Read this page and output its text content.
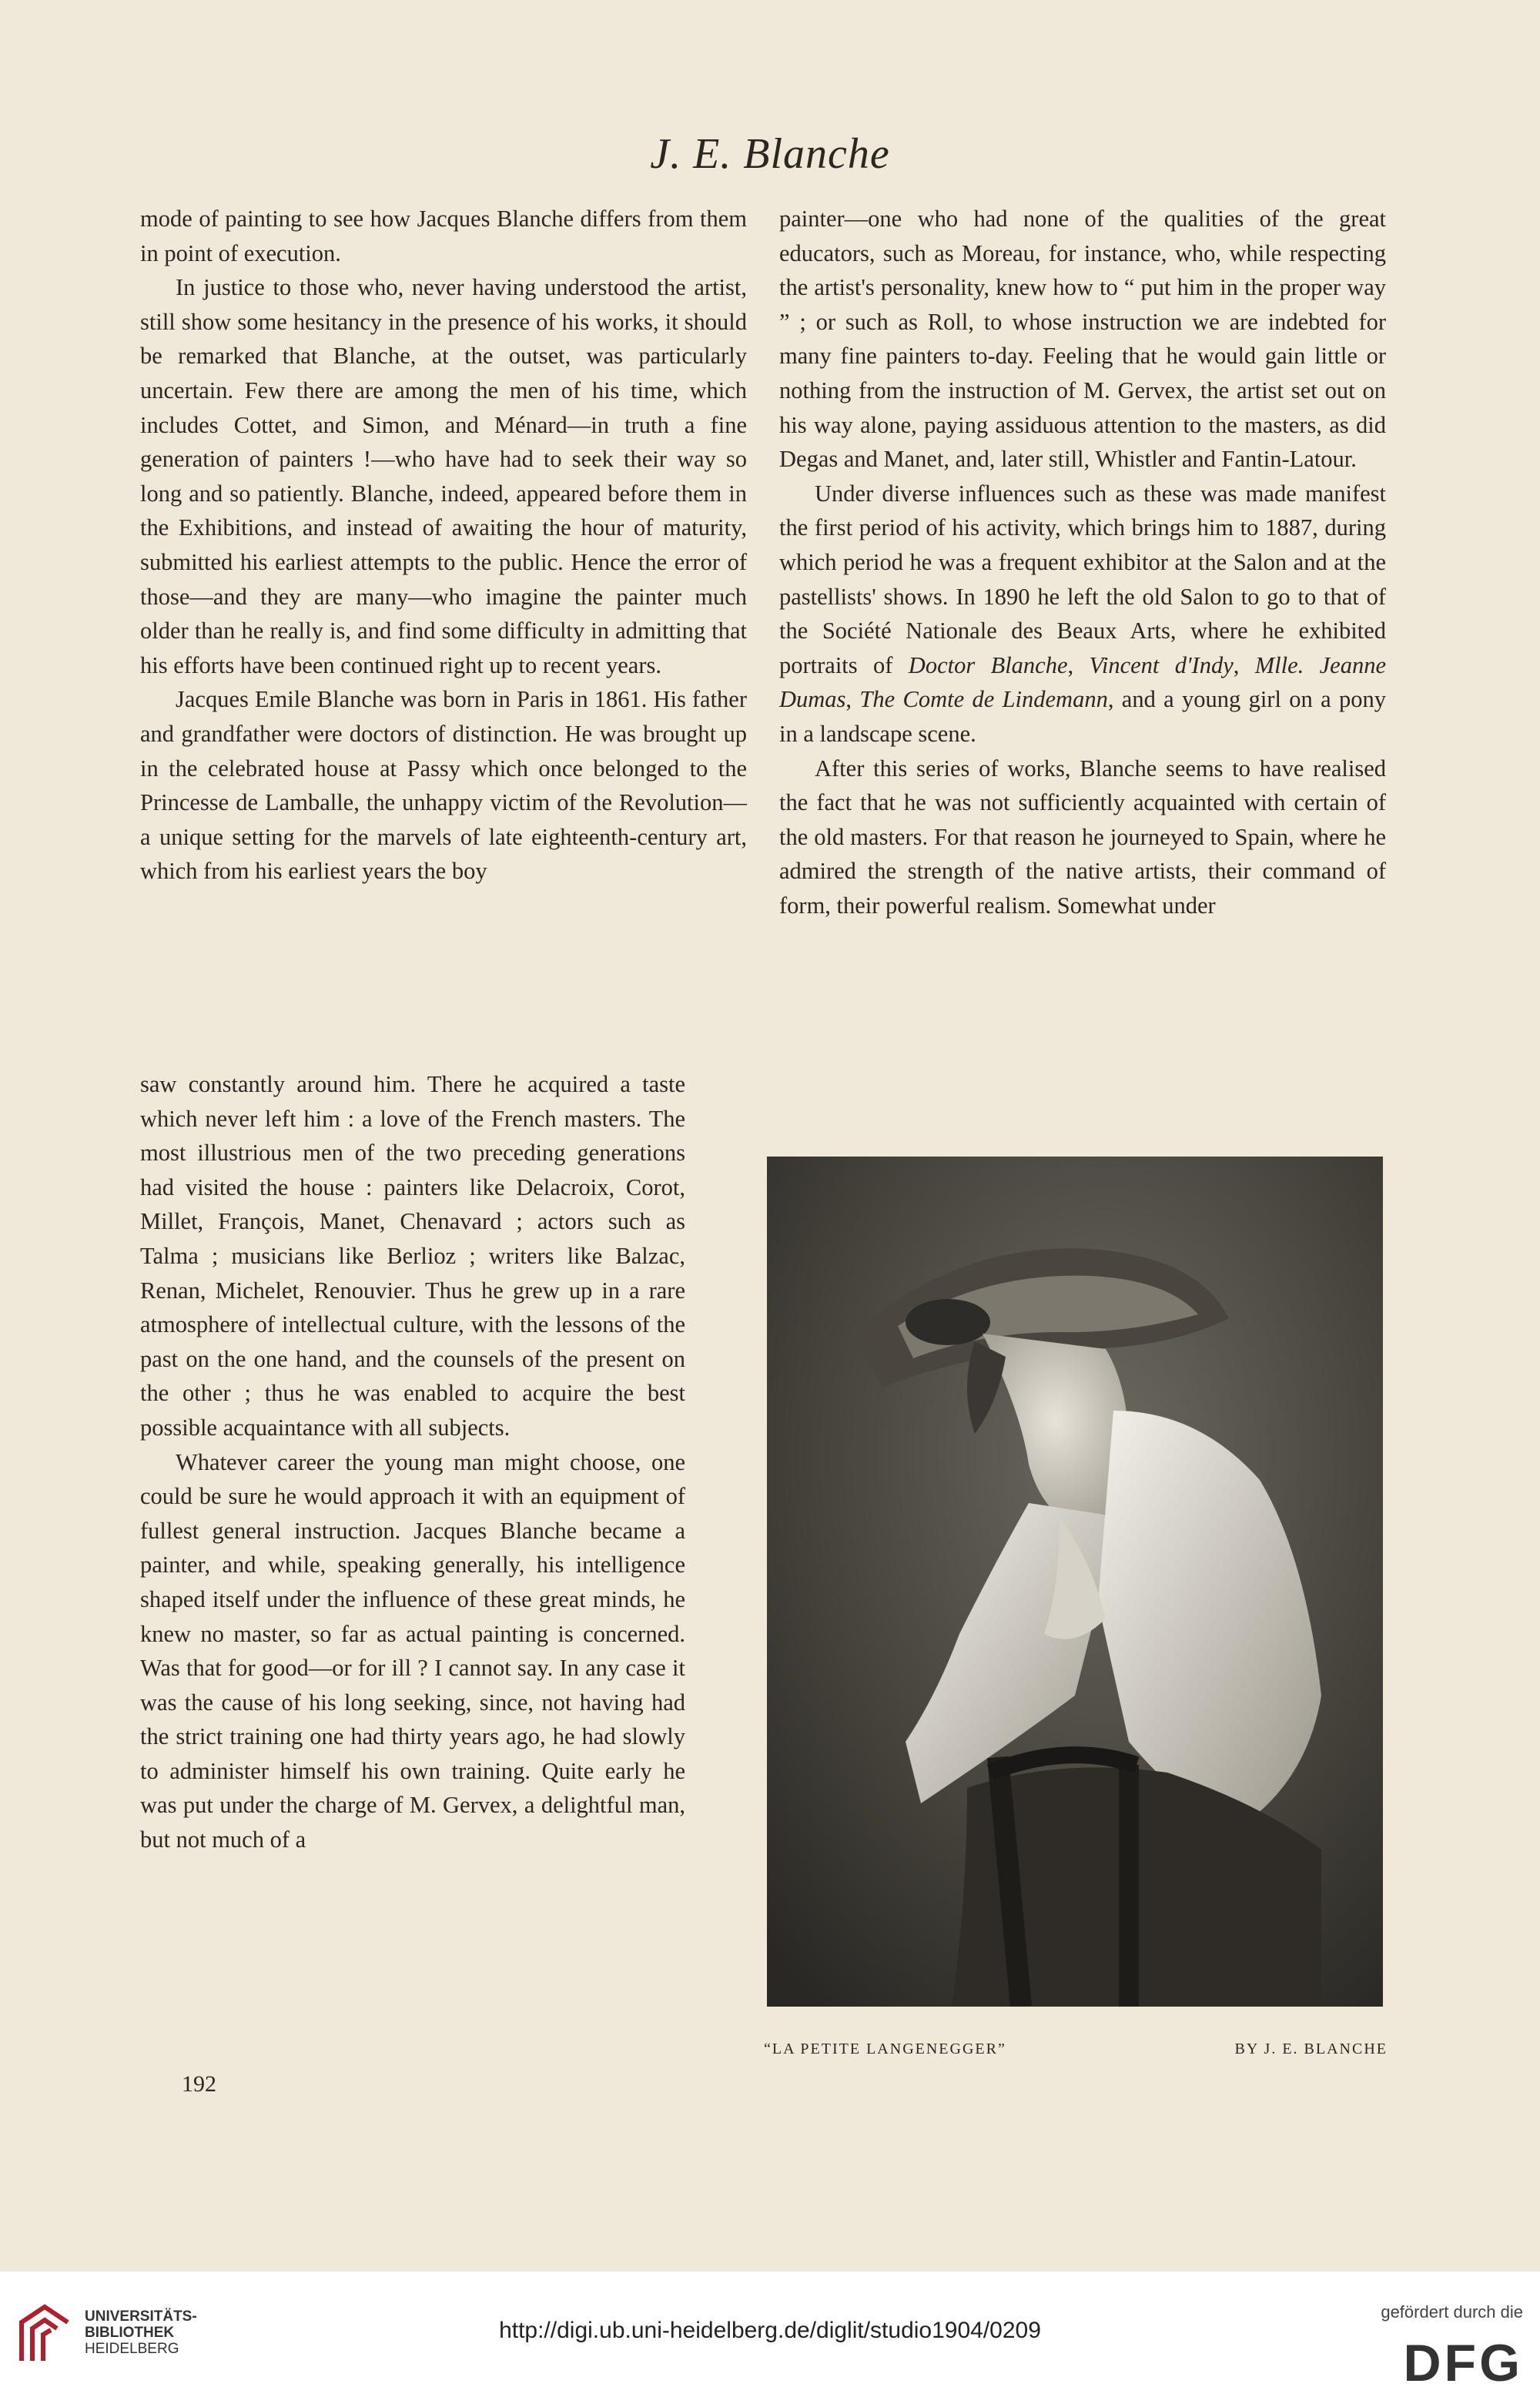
J. E. Blanche

mode of painting to see how Jacques Blanche differs from them in point of execution.

In justice to those who, never having understood the artist, still show some hesitancy in the presence of his works, it should be remarked that Blanche, at the outset, was particularly uncertain. Few there are among the men of his time, which includes Cottet, and Simon, and Ménard—in truth a fine generation of painters !—who have had to seek their way so long and so patiently. Blanche, indeed, appeared before them in the Exhibitions, and instead of awaiting the hour of maturity, submitted his earliest attempts to the public. Hence the error of those—and they are many—who imagine the painter much older than he really is, and find some difficulty in admitting that his efforts have been continued right up to recent years.

Jacques Emile Blanche was born in Paris in 1861. His father and grandfather were doctors of distinction. He was brought up in the celebrated house at Passy which once belonged to the Princesse de Lamballe, the unhappy victim of the Revolution—a unique setting for the marvels of late eighteenth-century art, which from his earliest years the boy

saw constantly around him. There he acquired a taste which never left him : a love of the French masters. The most illustrious men of the two preceding generations had visited the house : painters like Delacroix, Corot, Millet, François, Manet, Chenavard ; actors such as Talma ; musicians like Berlioz ; writers like Balzac, Renan, Michelet, Renouvier. Thus he grew up in a rare atmosphere of intellectual culture, with the lessons of the past on the one hand, and the counsels of the present on the other ; thus he was enabled to acquire the best possible acquaintance with all subjects.

Whatever career the young man might choose, one could be sure he would approach it with an equipment of fullest general instruction. Jacques Blanche became a painter, and while, speaking generally, his intelligence shaped itself under the influence of these great minds, he knew no master, so far as actual painting is concerned. Was that for good—or for ill ? I cannot say. In any case it was the cause of his long seeking, since, not having had the strict training one had thirty years ago, he had slowly to administer himself his own training. Quite early he was put under the charge of M. Gervex, a delightful man, but not much of a

painter—one who had none of the qualities of the great educators, such as Moreau, for instance, who, while respecting the artist's personality, knew how to “ put him in the proper way ” ; or such as Roll, to whose instruction we are indebted for many fine painters to-day. Feeling that he would gain little or nothing from the instruction of M. Gervex, the artist set out on his way alone, paying assiduous attention to the masters, as did Degas and Manet, and, later still, Whistler and Fantin-Latour.

Under diverse influences such as these was made manifest the first period of his activity, which brings him to 1887, during which period he was a frequent exhibitor at the Salon and at the pastellists' shows. In 1890 he left the old Salon to go to that of the Société Nationale des Beaux Arts, where he exhibited portraits of Doctor Blanche, Vincent d'Indy, Mlle. Jeanne Dumas, The Comte de Lindemann, and a young girl on a pony in a landscape scene.

After this series of works, Blanche seems to have realised the fact that he was not sufficiently acquainted with certain of the old masters. For that reason he journeyed to Spain, where he admired the strength of the native artists, their command of form, their powerful realism. Somewhat under

“LA PETITE LANGENEGGER”	BY J. E. BLANCHE
192
UNIVERSITÄTS-
BIBLIOTHEK
HEIDELBERG
http://digi.ub.uni-heidelberg.de/diglit/studio1904/0209
gefördert durch die
DFG
